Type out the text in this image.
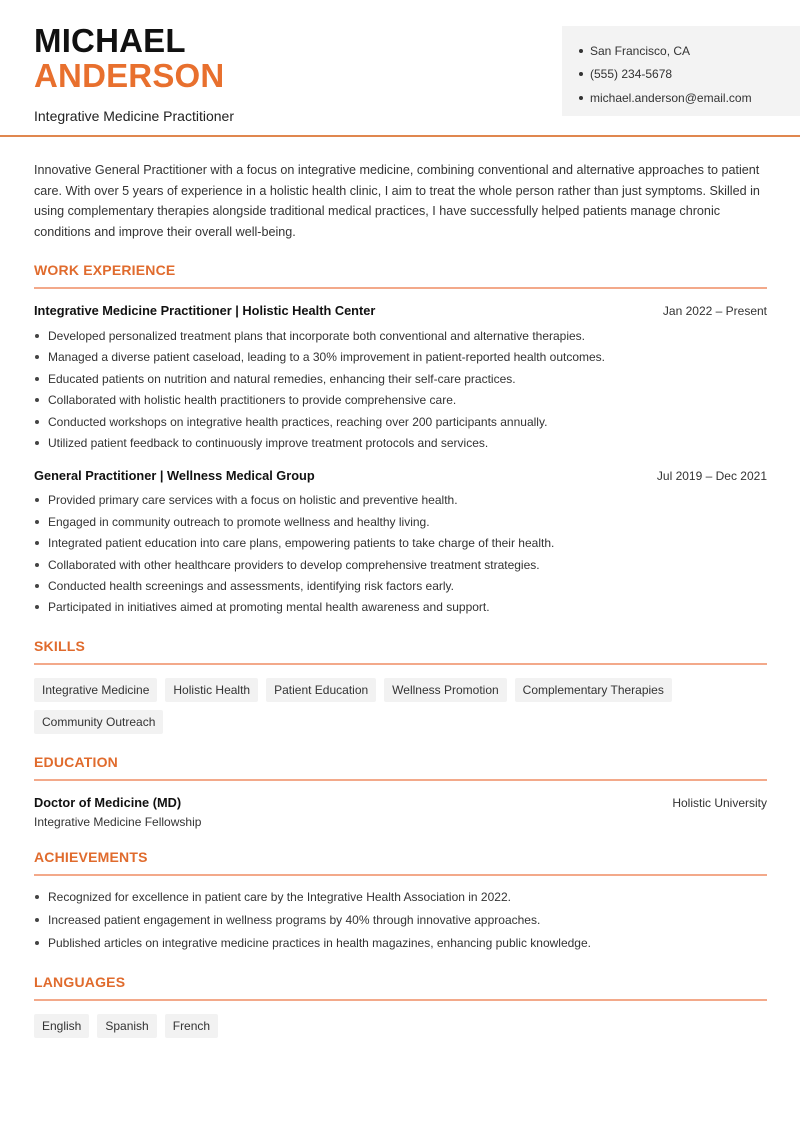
MICHAEL
ANDERSON
Integrative Medicine Practitioner
San Francisco, CA
(555) 234-5678
michael.anderson@email.com

Innovative General Practitioner with a focus on integrative medicine, combining conventional and alternative approaches to patient care. With over 5 years of experience in a holistic health clinic, I aim to treat the whole person rather than just symptoms. Skilled in using complementary therapies alongside traditional medical practices, I have successfully helped patients manage chronic conditions and improve their overall well-being.

WORK EXPERIENCE
Integrative Medicine Practitioner | Holistic Health Center	Jan 2022 – Present
Developed personalized treatment plans that incorporate both conventional and alternative therapies.
Managed a diverse patient caseload, leading to a 30% improvement in patient-reported health outcomes.
Educated patients on nutrition and natural remedies, enhancing their self-care practices.
Collaborated with holistic health practitioners to provide comprehensive care.
Conducted workshops on integrative health practices, reaching over 200 participants annually.
Utilized patient feedback to continuously improve treatment protocols and services.
General Practitioner | Wellness Medical Group	Jul 2019 – Dec 2021
Provided primary care services with a focus on holistic and preventive health.
Engaged in community outreach to promote wellness and healthy living.
Integrated patient education into care plans, empowering patients to take charge of their health.
Collaborated with other healthcare providers to develop comprehensive treatment strategies.
Conducted health screenings and assessments, identifying risk factors early.
Participated in initiatives aimed at promoting mental health awareness and support.
SKILLS
Integrative Medicine	Holistic Health	Patient Education	Wellness Promotion	Complementary Therapies
Community Outreach
EDUCATION
Doctor of Medicine (MD)	Holistic University
Integrative Medicine Fellowship
ACHIEVEMENTS
Recognized for excellence in patient care by the Integrative Health Association in 2022.
Increased patient engagement in wellness programs by 40% through innovative approaches.
Published articles on integrative medicine practices in health magazines, enhancing public knowledge.
LANGUAGES
English	Spanish	French
